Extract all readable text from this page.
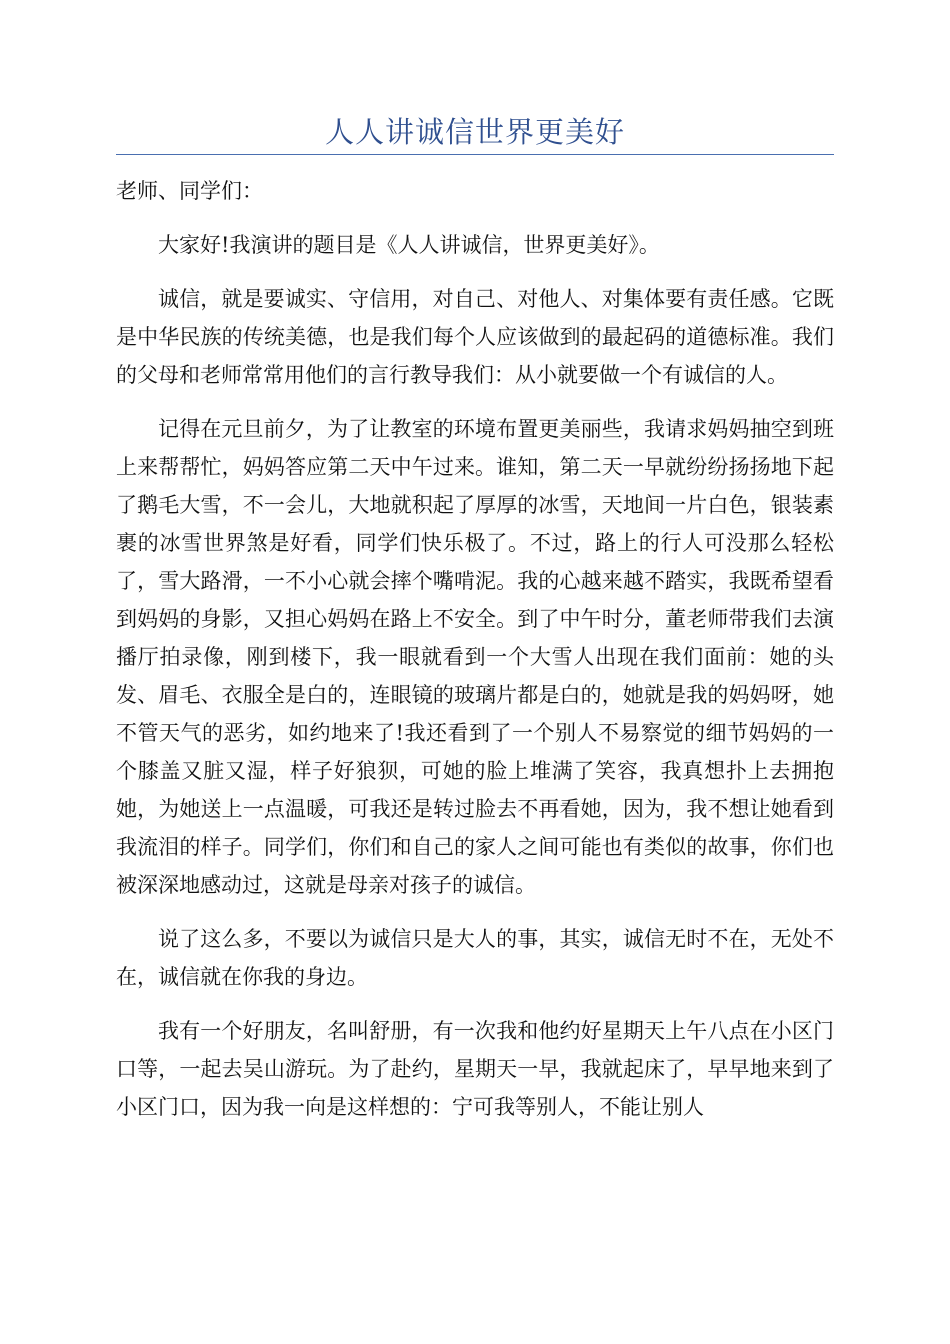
人人讲诚信世界更美好

老师、同学们：

大家好!我演讲的题目是《人人讲诚信，世界更美好》。

诚信，就是要诚实、守信用，对自己、对他人、对集体要有责任感。它既是中华民族的传统美德，也是我们每个人应该做到的最起码的道德标准。我们的父母和老师常常用他们的言行教导我们：从小就要做一个有诚信的人。

记得在元旦前夕，为了让教室的环境布置更美丽些，我请求妈妈抽空到班上来帮帮忙，妈妈答应第二天中午过来。谁知，第二天一早就纷纷扬扬地下起了鹅毛大雪，不一会儿，大地就积起了厚厚的冰雪，天地间一片白色，银装素裹的冰雪世界煞是好看，同学们快乐极了。不过，路上的行人可没那么轻松了，雪大路滑，一不小心就会摔个嘴啃泥。我的心越来越不踏实，我既希望看到妈妈的身影，又担心妈妈在路上不安全。到了中午时分，董老师带我们去演播厅拍录像，刚到楼下，我一眼就看到一个大雪人出现在我们面前：她的头发、眉毛、衣服全是白的，连眼镜的玻璃片都是白的，她就是我的妈妈呀，她不管天气的恶劣，如约地来了!我还看到了一个别人不易察觉的细节妈妈的一个膝盖又脏又湿，样子好狼狈，可她的脸上堆满了笑容，我真想扑上去拥抱她，为她送上一点温暖，可我还是转过脸去不再看她，因为，我不想让她看到我流泪的样子。同学们，你们和自己的家人之间可能也有类似的故事，你们也被深深地感动过，这就是母亲对孩子的诚信。

说了这么多，不要以为诚信只是大人的事，其实，诚信无时不在，无处不在，诚信就在你我的身边。

我有一个好朋友，名叫舒册，有一次我和他约好星期天上午八点在小区门口等，一起去吴山游玩。为了赴约，星期天一早，我就起床了，早早地来到了小区门口，因为我一向是这样想的：宁可我等别人，不能让别人
